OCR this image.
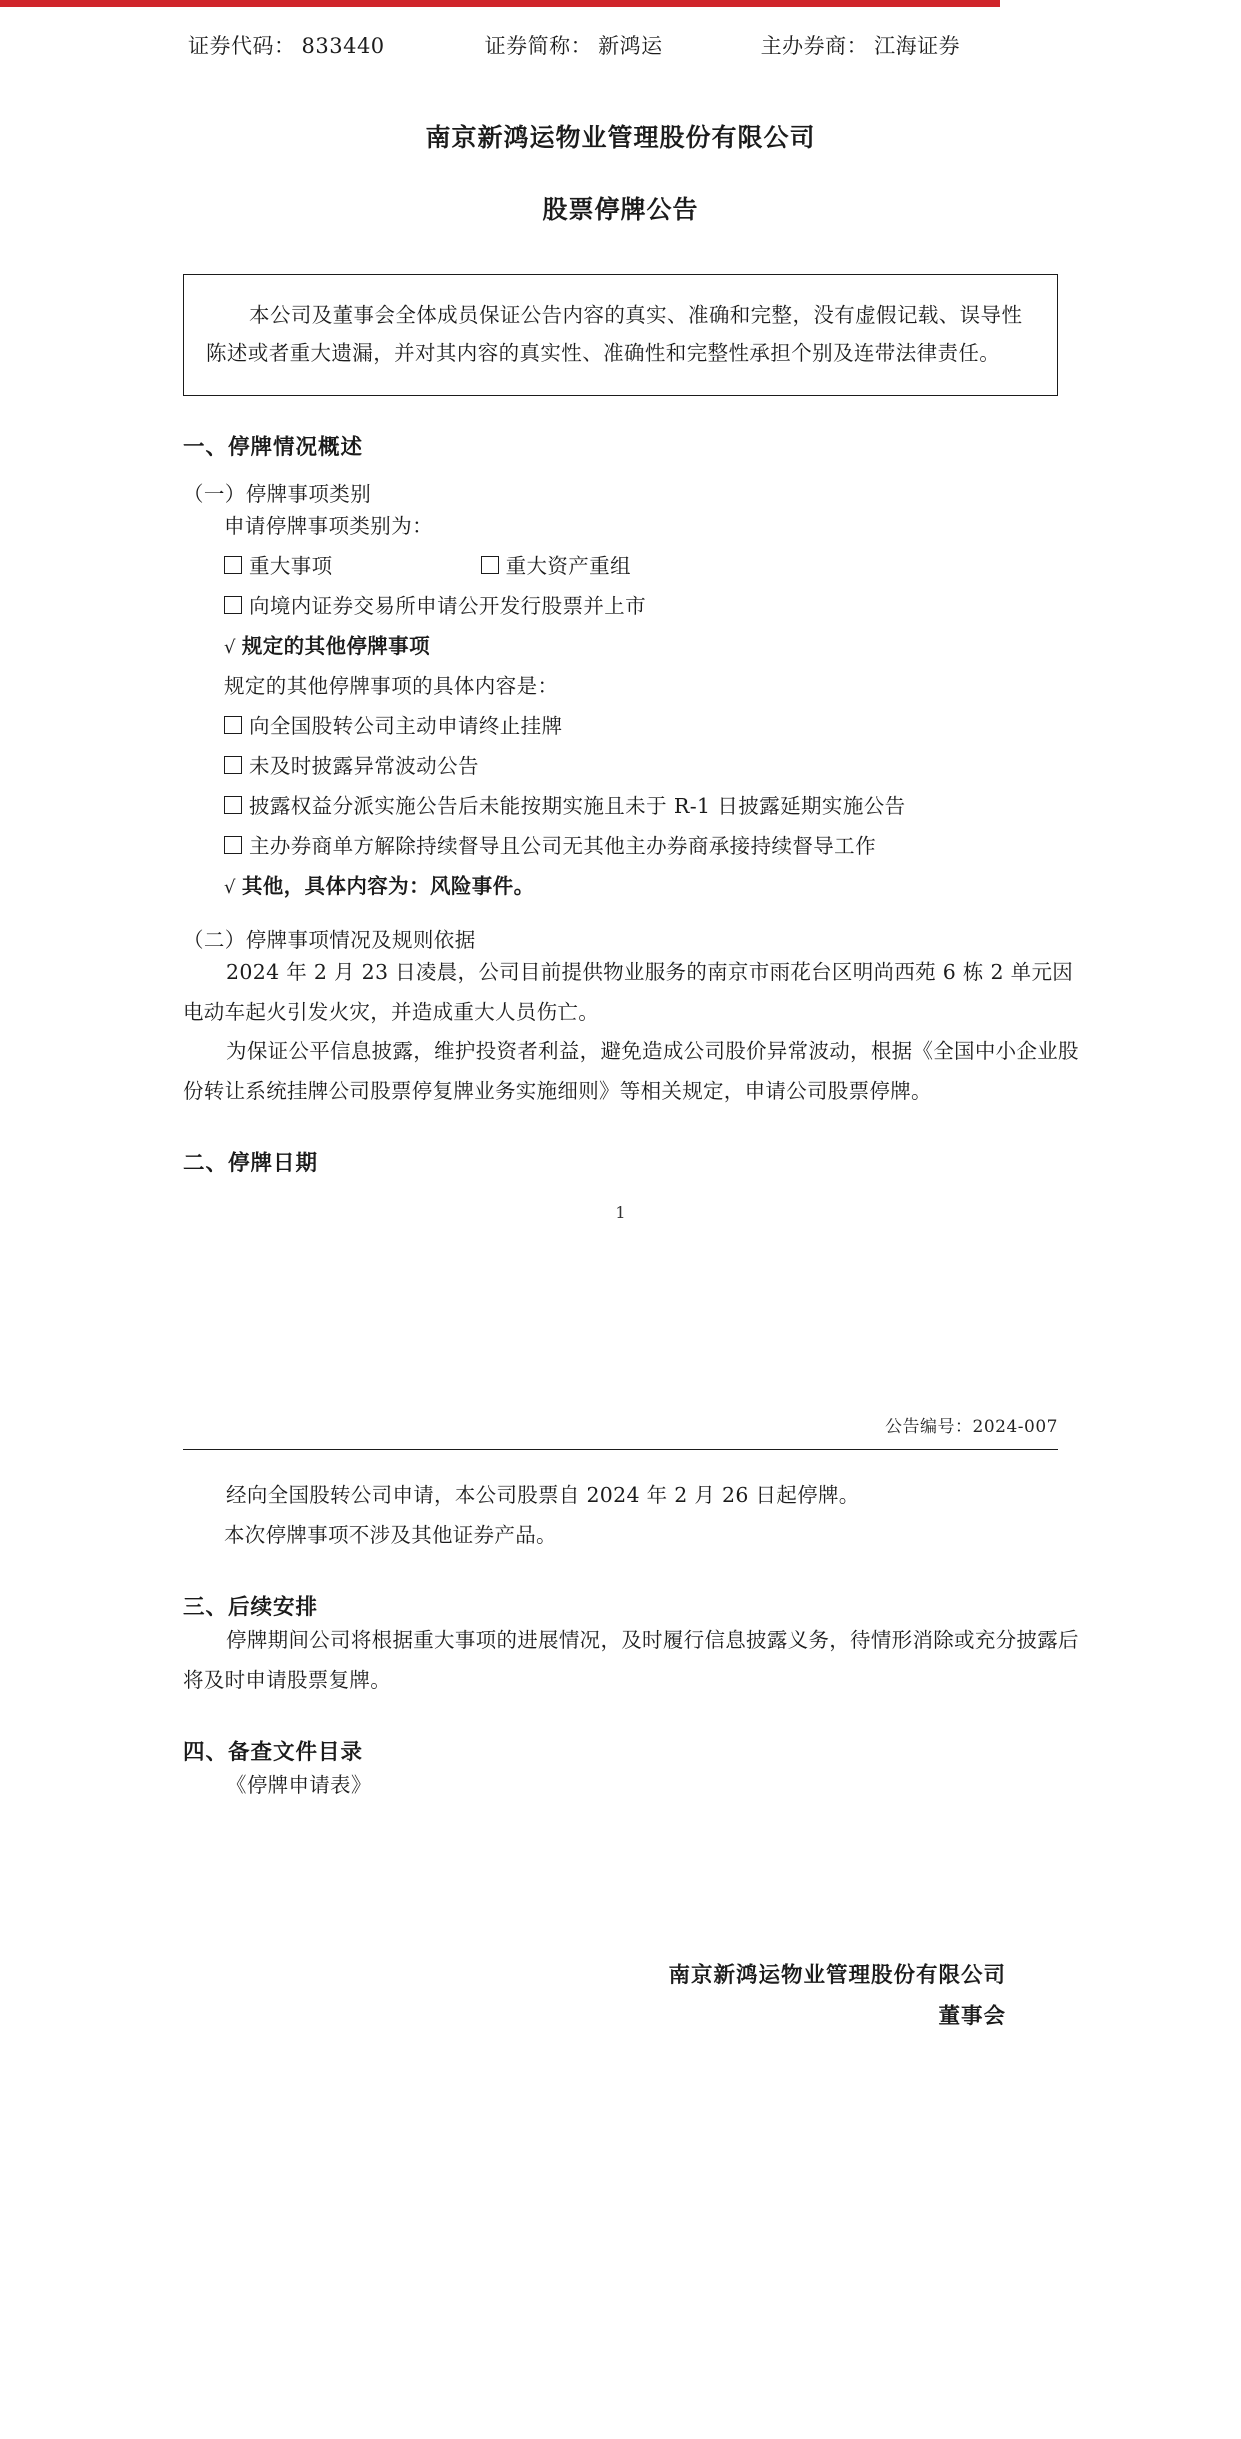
证券代码： 833440	证券简称： 新鸿运	主办券商： 江海证券
南京新鸿运物业管理股份有限公司
股票停牌公告

本公司及董事会全体成员保证公告内容的真实、准确和完整，没有虚假记载、误导性陈述或者重大遗漏，并对其内容的真实性、准确性和完整性承担个别及连带法律责任。

一、停牌情况概述
（一）停牌事项类别
申请停牌事项类别为：
重大事项	重大资产重组
向境内证券交易所申请公开发行股票并上市
√ 规定的其他停牌事项
规定的其他停牌事项的具体内容是：
向全国股转公司主动申请终止挂牌
未及时披露异常波动公告
披露权益分派实施公告后未能按期实施且未于 R-1 日披露延期实施公告
主办券商单方解除持续督导且公司无其他主办券商承接持续督导工作
√ 其他，具体内容为：风险事件。
（二）停牌事项情况及规则依据
2024 年 2 月 23 日凌晨，公司目前提供物业服务的南京市雨花台区明尚西苑 6 栋 2 单元因电动车起火引发火灾，并造成重大人员伤亡。
为保证公平信息披露，维护投资者利益，避免造成公司股价异常波动，根据《全国中小企业股份转让系统挂牌公司股票停复牌业务实施细则》等相关规定，申请公司股票停牌。
二、停牌日期
1
公告编号：2024-007
经向全国股转公司申请，本公司股票自 2024 年 2 月 26 日起停牌。
本次停牌事项不涉及其他证券产品。
三、后续安排
停牌期间公司将根据重大事项的进展情况，及时履行信息披露义务，待情形消除或充分披露后将及时申请股票复牌。
四、备查文件目录
《停牌申请表》
南京新鸿运物业管理股份有限公司
董事会
